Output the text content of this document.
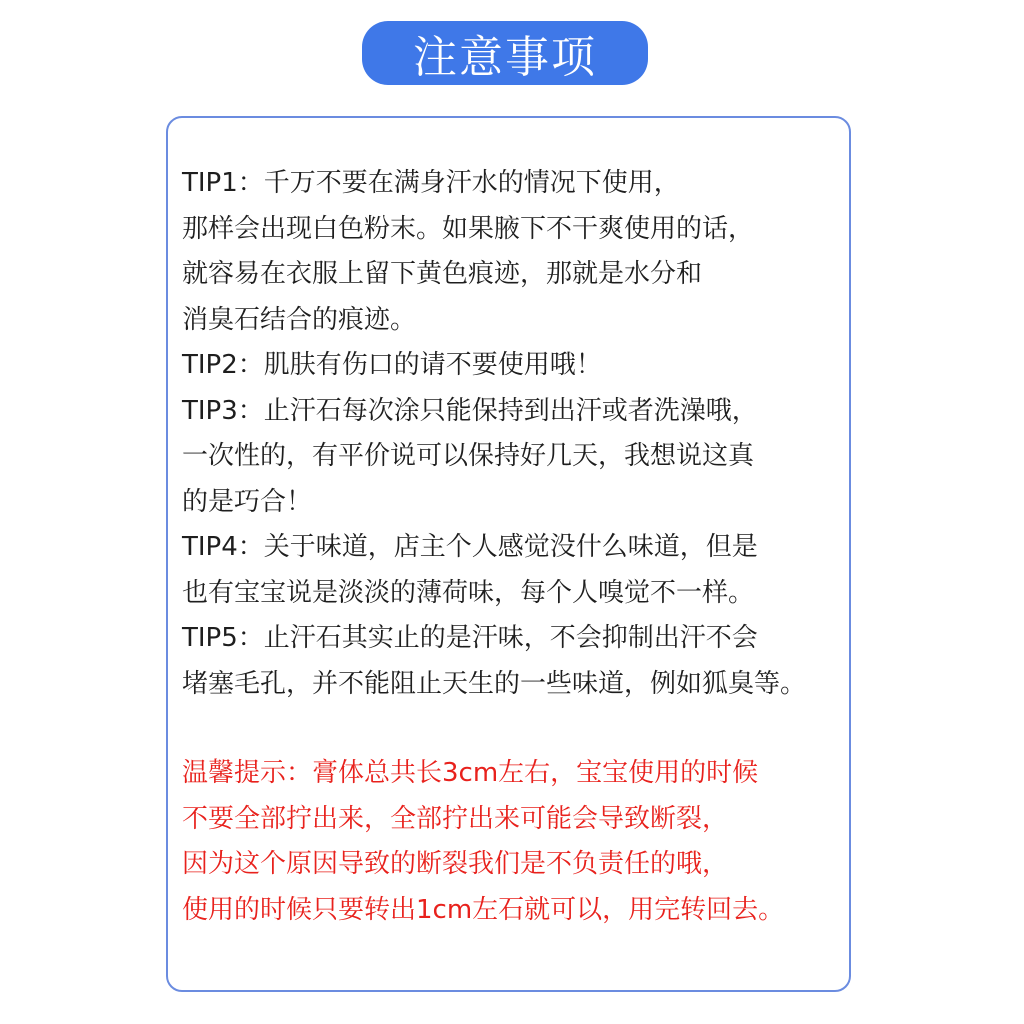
注意事项
TIP1：千万不要在满身汗水的情况下使用，
那样会出现白色粉末。如果腋下不干爽使用的话，
就容易在衣服上留下黄色痕迹，那就是水分和
消臭石结合的痕迹。
TIP2：肌肤有伤口的请不要使用哦！
TIP3：止汗石每次涂只能保持到出汗或者洗澡哦，
一次性的，有平价说可以保持好几天，我想说这真
的是巧合！
TIP4：关于味道，店主个人感觉没什么味道，但是
也有宝宝说是淡淡的薄荷味，每个人嗅觉不一样。
TIP5：止汗石其实止的是汗味，不会抑制出汗不会
堵塞毛孔，并不能阻止天生的一些味道，例如狐臭等。
温馨提示：膏体总共长3cm左右，宝宝使用的时候
不要全部拧出来，全部拧出来可能会导致断裂，
因为这个原因导致的断裂我们是不负责任的哦，
使用的时候只要转出1cm左石就可以，用完转回去。
